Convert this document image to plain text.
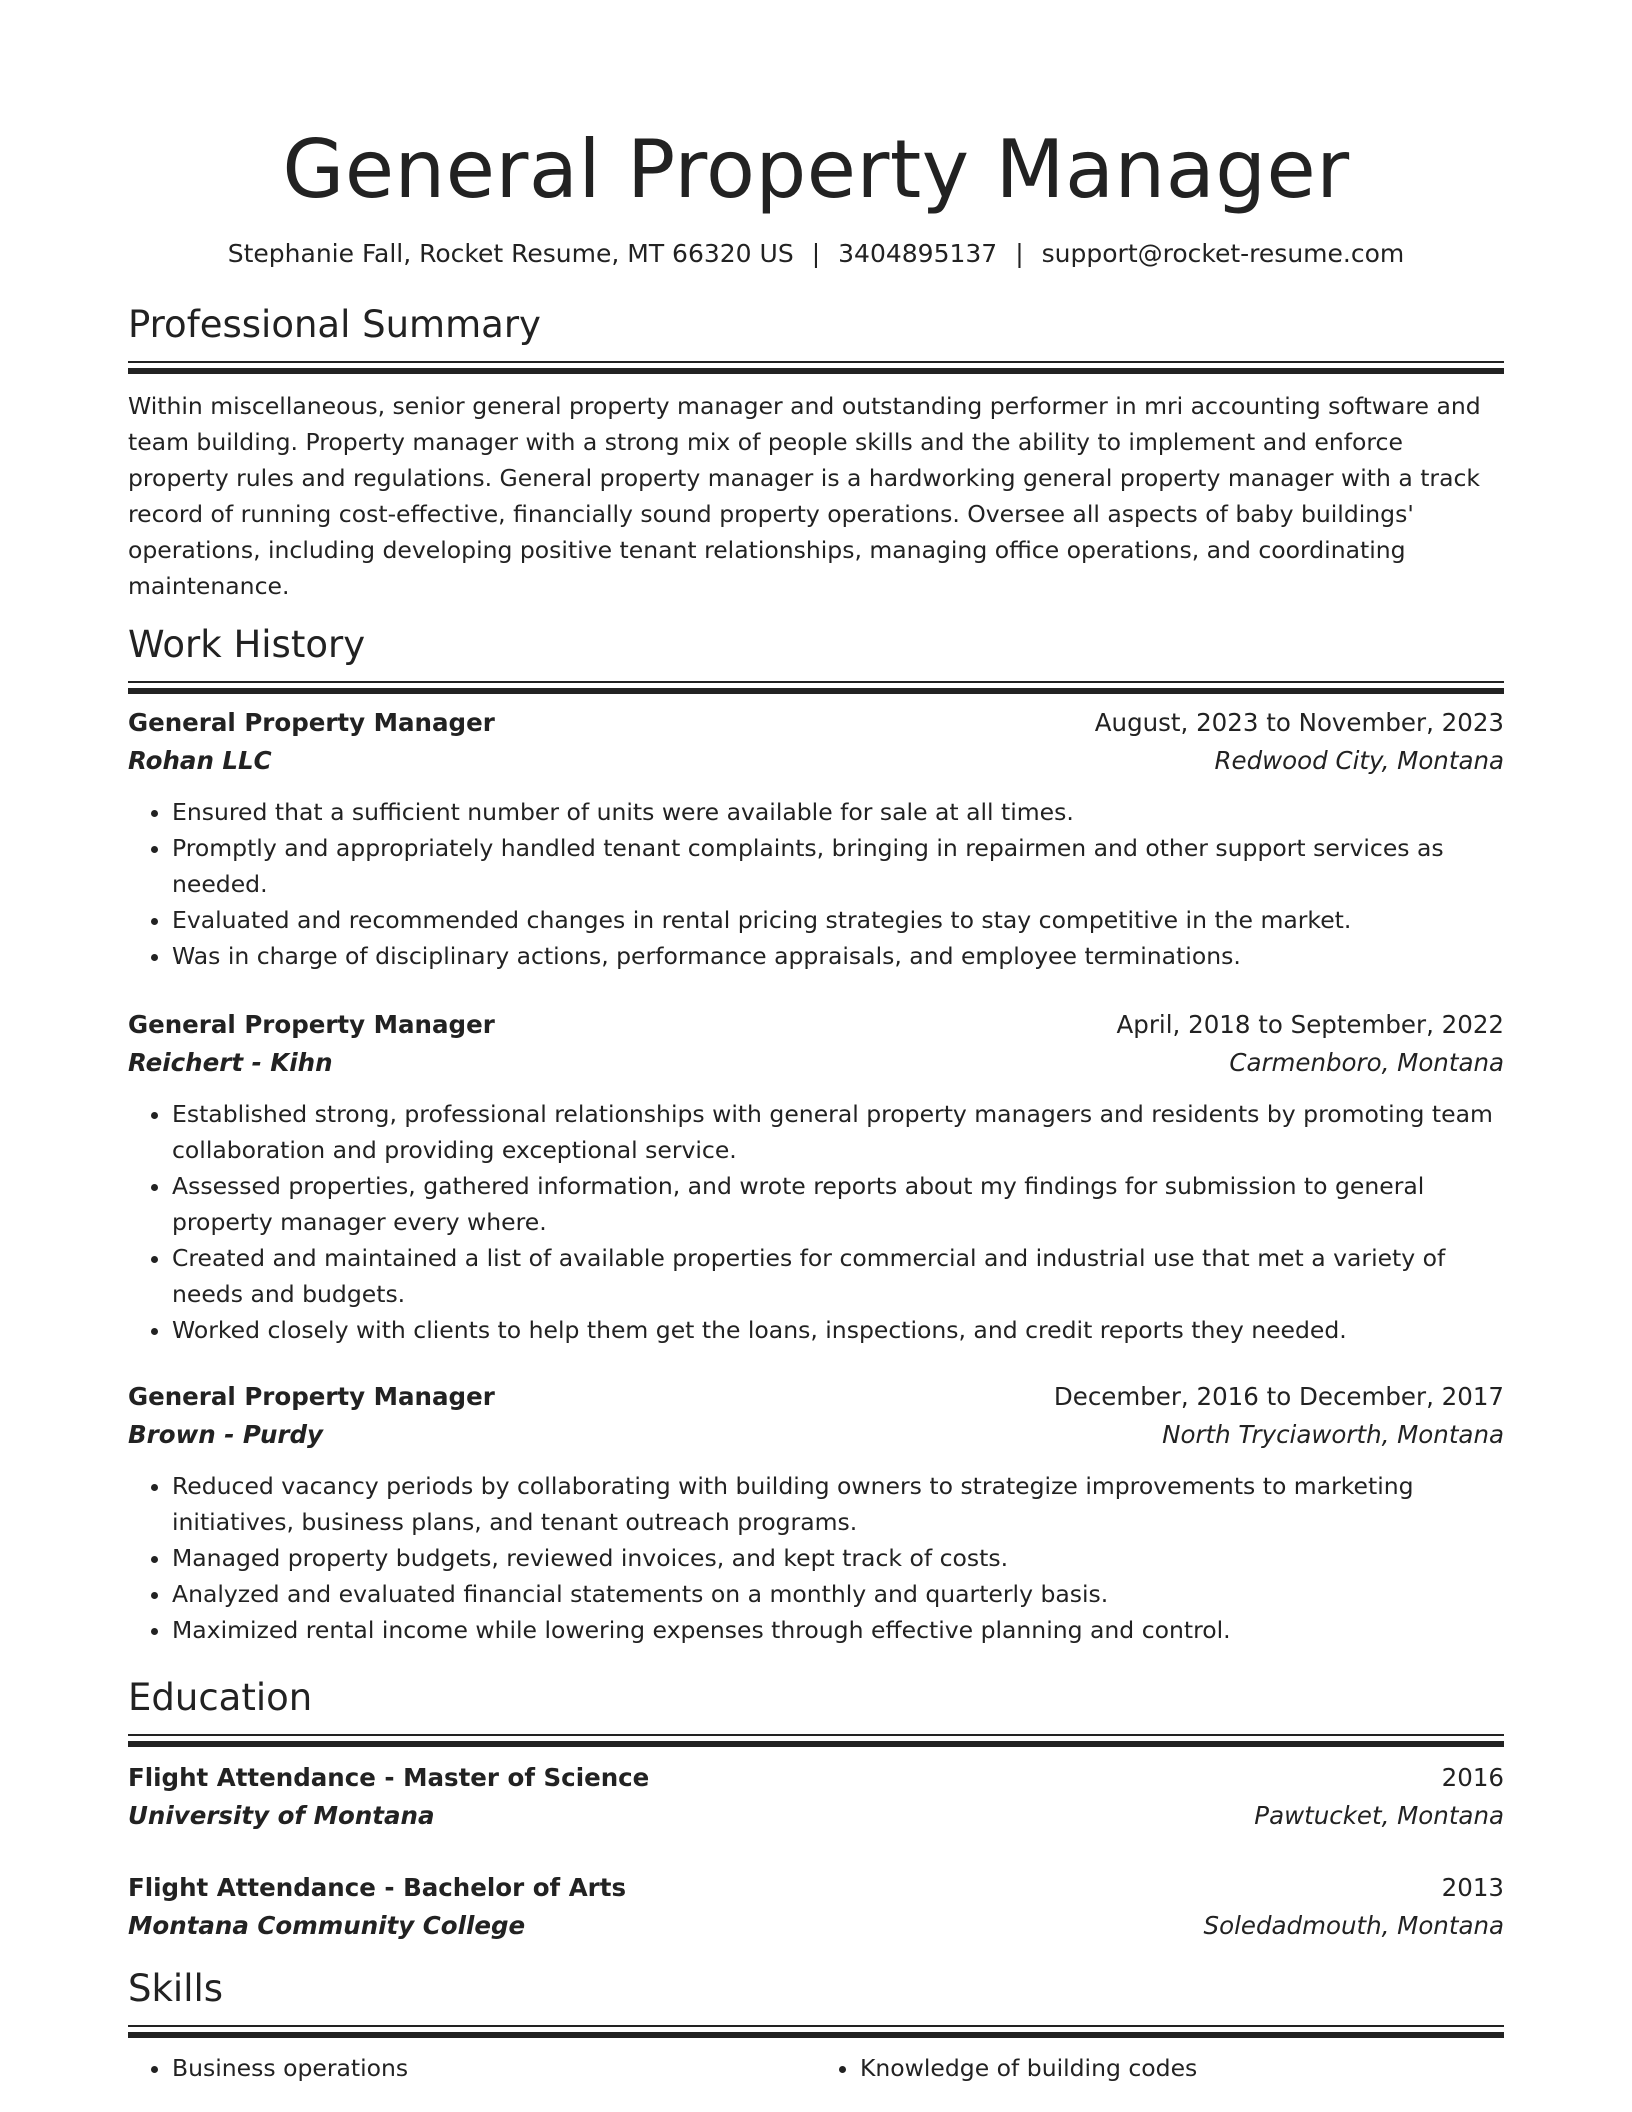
General Property Manager
Stephanie Fall, Rocket Resume, MT 66320 US | 3404895137 | support@rocket-resume.com
Professional Summary

Within miscellaneous, senior general property manager and outstanding performer in mri accounting software and team building. Property manager with a strong mix of people skills and the ability to implement and enforce property rules and regulations. General property manager is a hardworking general property manager with a track record of running cost-effective, financially sound property operations. Oversee all aspects of baby buildings' operations, including developing positive tenant relationships, managing office operations, and coordinating maintenance.

Work History
General Property Manager	August, 2023 to November, 2023
Rohan LLC	Redwood City, Montana
• Ensured that a sufficient number of units were available for sale at all times.
• Promptly and appropriately handled tenant complaints, bringing in repairmen and other support services as needed.
• Evaluated and recommended changes in rental pricing strategies to stay competitive in the market.
• Was in charge of disciplinary actions, performance appraisals, and employee terminations.
General Property Manager	April, 2018 to September, 2022
Reichert - Kihn	Carmenboro, Montana
• Established strong, professional relationships with general property managers and residents by promoting team collaboration and providing exceptional service.
• Assessed properties, gathered information, and wrote reports about my findings for submission to general property manager every where.
• Created and maintained a list of available properties for commercial and industrial use that met a variety of needs and budgets.
• Worked closely with clients to help them get the loans, inspections, and credit reports they needed.
General Property Manager	December, 2016 to December, 2017
Brown - Purdy	North Tryciaworth, Montana
• Reduced vacancy periods by collaborating with building owners to strategize improvements to marketing initiatives, business plans, and tenant outreach programs.
• Managed property budgets, reviewed invoices, and kept track of costs.
• Analyzed and evaluated financial statements on a monthly and quarterly basis.
• Maximized rental income while lowering expenses through effective planning and control.
Education
Flight Attendance - Master of Science	2016
University of Montana	Pawtucket, Montana
Flight Attendance - Bachelor of Arts	2013
Montana Community College	Soledadmouth, Montana
Skills
• Business operations
•	Knowledge of building codes
